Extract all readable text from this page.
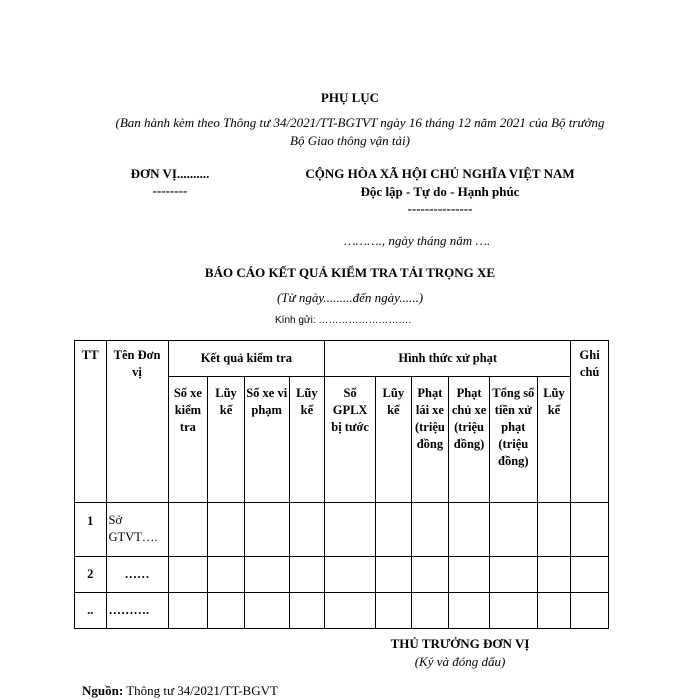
PHỤ LỤC
(Ban hành kèm theo Thông tư 34/2021/TT-BGTVT ngày 16 tháng 12 năm 2021 của Bộ trưởng
Bộ Giao thông vận tải)
ĐƠN VỊ..........
--------
CỘNG HÒA XÃ HỘI CHỦ NGHĨA VIỆT NAM
Độc lập - Tự do - Hạnh phúc
---------------
………., ngày tháng năm ….
BÁO CÁO KẾT QUẢ KIỂM TRA TẢI TRỌNG XE
(Từ ngày.........đến ngày......)
Kính gửi: ……………………….
TT	Tên Đơn vị	Kết quả kiểm tra				Hình thức xử phạt						Ghi chú
		Số xe kiểm tra	Lũy kế	Số xe vi phạm	Lũy kế	Số GPLX bị tước	Lũy kế	Phạt lái xe (triệu đồng	Phạt chủ xe (triệu đồng)	Tổng số tiền xử phạt (triệu đồng)	Lũy kế	
1	Sở GTVT….											
2	……											
..	……….											
THỦ TRƯỞNG ĐƠN VỊ
(Ký và đóng dấu)
Nguồn: Thông tư 34/2021/TT-BGVT
